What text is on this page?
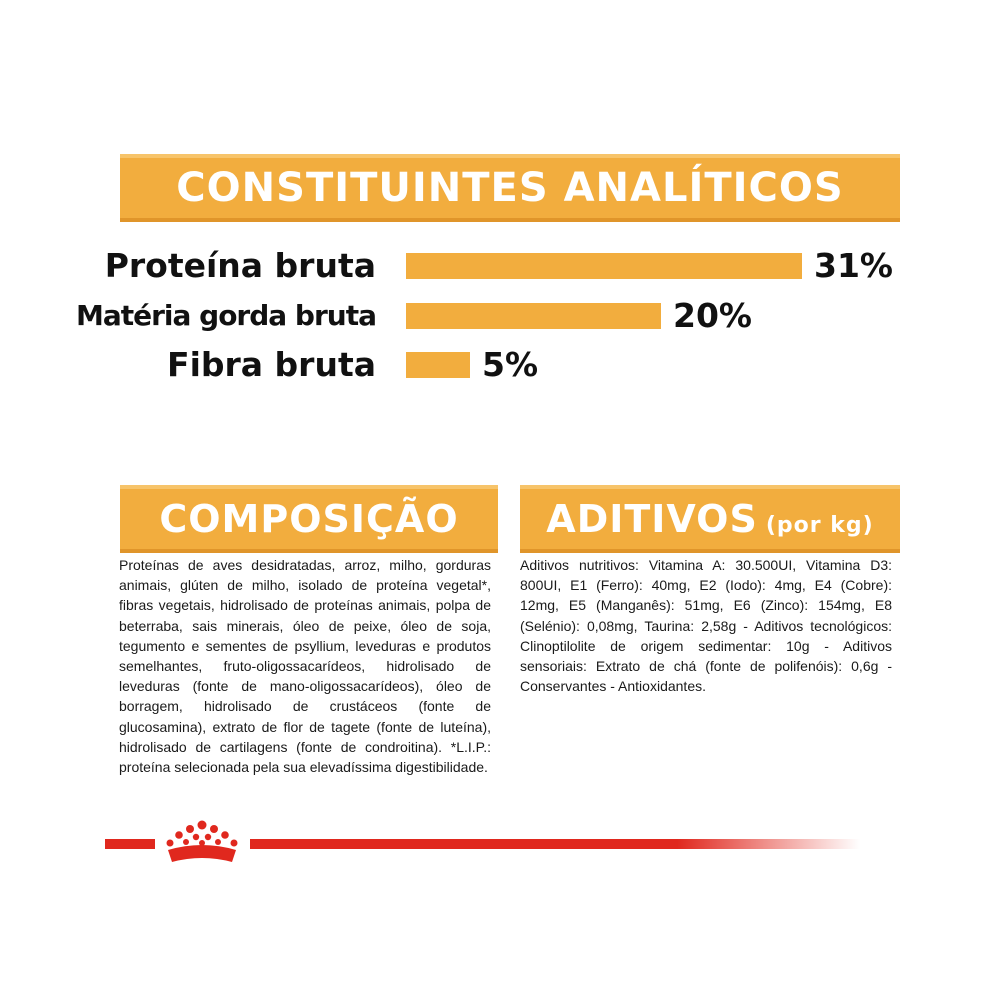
CONSTITUINTES ANALÍTICOS
Proteína bruta	31%
Matéria gorda bruta	20%
Fibra bruta	5%
COMPOSIÇÃO
Proteínas de aves desidratadas, arroz, milho, gorduras animais, glúten de milho, isolado de proteína vegetal*, fibras vegetais, hidrolisado de proteínas animais, polpa de beterraba, sais minerais, óleo de peixe, óleo de soja, tegumento e sementes de psyllium, leveduras e produtos semelhantes, fruto-oligossacarídeos, hidrolisado de leveduras (fonte de mano-oligossacarídeos), óleo de borragem, hidrolisado de crustáceos (fonte de glucosamina), extrato de flor de tagete (fonte de luteína), hidrolisado de cartilagens (fonte de condroitina). *L.I.P.: proteína selecionada pela sua elevadíssima digestibilidade.
ADITIVOS (por kg)
Aditivos nutritivos: Vitamina A: 30.500UI, Vitamina D3: 800UI, E1 (Ferro): 40mg, E2 (Iodo): 4mg, E4 (Cobre): 12mg, E5 (Manganês): 51mg, E6 (Zinco): 154mg, E8 (Selénio): 0,08mg, Taurina: 2,58g - Aditivos tecnológicos: Clinoptilolite de origem sedimentar: 10g - Aditivos sensoriais: Extrato de chá (fonte de polifenóis): 0,6g - Conservantes - Antioxidantes.
